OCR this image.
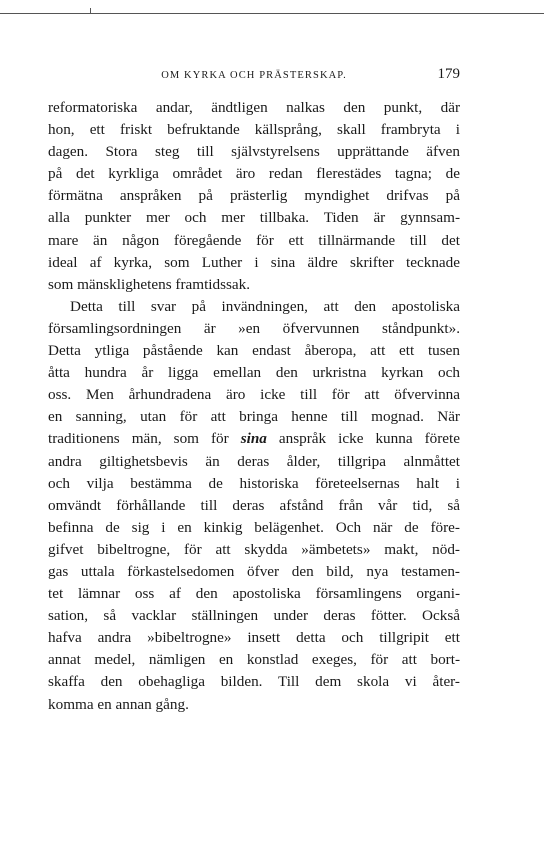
OM KYRKA OCH PRÄSTERSKAP.	179
reformatoriska andar, ändtligen nalkas den punkt, där
hon, ett friskt befruktande källsprång, skall frambryta i
dagen. Stora steg till självstyrelsens upprättande äfven
på det kyrkliga området äro redan flerestädes tagna; de
förmätna anspråken på prästerlig myndighet drifvas på
alla punkter mer och mer tillbaka. Tiden är gynnsam-
mare än någon föregående för ett tillnärmande till det
ideal af kyrka, som Luther i sina äldre skrifter tecknade
som mänsklighetens framtidssak.
Detta till svar på invändningen, att den apostoliska
församlingsordningen är »en öfvervunnen ståndpunkt».
Detta ytliga påstående kan endast åberopa, att ett tusen
åtta hundra år ligga emellan den urkristna kyrkan och
oss. Men århundradena äro icke till för att öfvervinna
en sanning, utan för att bringa henne till mognad. När
traditionens män, som för sina anspråk icke kunna förete
andra giltighetsbevis än deras ålder, tillgripa alnmåttet
och vilja bestämma de historiska företeelsernas halt i
omvändt förhållande till deras afstånd från vår tid, så
befinna de sig i en kinkig belägenhet. Och när de före-
gifvet bibeltrogne, för att skydda »ämbetets» makt, nöd-
gas uttala förkastelsedomen öfver den bild, nya testamen-
tet lämnar oss af den apostoliska församlingens organi-
sation, så vacklar ställningen under deras fötter. Också
hafva andra »bibeltrogne» insett detta och tillgripit ett
annat medel, nämligen en konstlad exeges, för att bort-
skaffa den obehagliga bilden. Till dem skola vi åter-
komma en annan gång.
